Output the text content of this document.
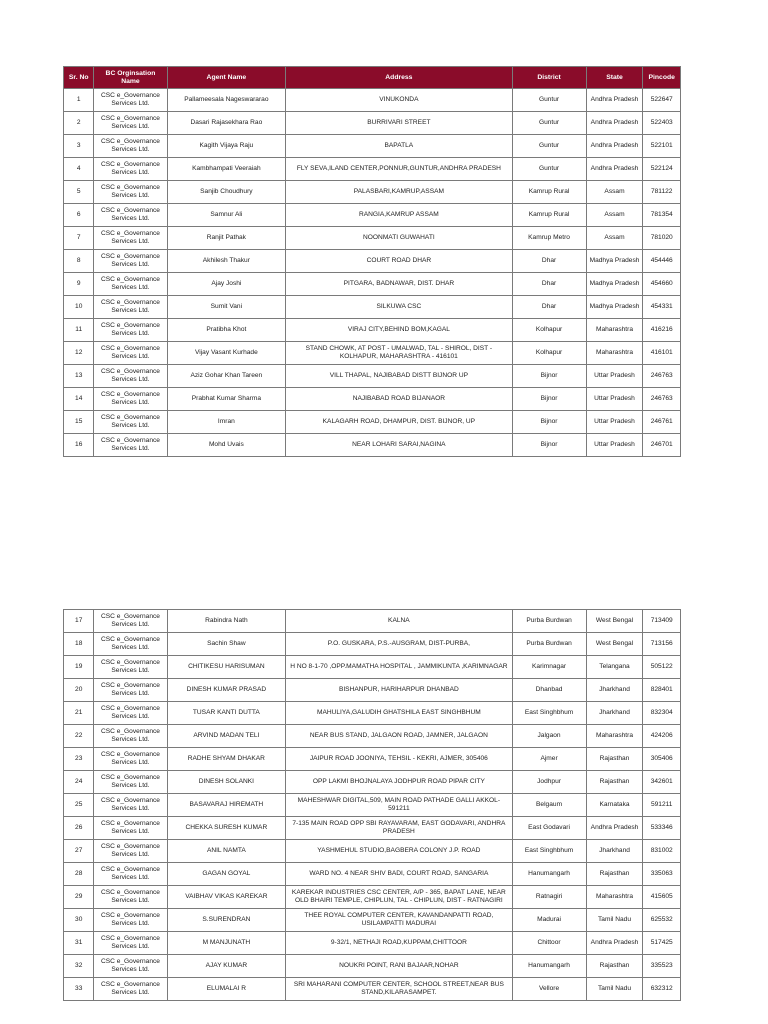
Sr. No	BC Orginsation Name	Agent Name	Address	District	State	Pincode
1	CSC e_Governance Services Ltd.	Pallameesala Nageswararao	VINUKONDA	Guntur	Andhra Pradesh	522647
2	CSC e_Governance Services Ltd.	Dasari Rajasekhara Rao	BURRIVARI STREET	Guntur	Andhra Pradesh	522403
3	CSC e_Governance Services Ltd.	Kagith Vijaya Raju	BAPATLA	Guntur	Andhra Pradesh	522101
4	CSC e_Governance Services Ltd.	Kambhampati Veeraiah	FLY SEVA,ILAND CENTER,PONNUR,GUNTUR,ANDHRA PRADESH	Guntur	Andhra Pradesh	522124
5	CSC e_Governance Services Ltd.	Sanjib Choudhury	PALASBARI,KAMRUP,ASSAM	Kamrup Rural	Assam	781122
6	CSC e_Governance Services Ltd.	Samnur Ali	RANGIA,KAMRUP ASSAM	Kamrup Rural	Assam	781354
7	CSC e_Governance Services Ltd.	Ranjit Pathak	NOONMATI GUWAHATI	Kamrup Metro	Assam	781020
8	CSC e_Governance Services Ltd.	Akhilesh Thakur	COURT ROAD DHAR	Dhar	Madhya Pradesh	454446
9	CSC e_Governance Services Ltd.	Ajay Joshi	PITGARA, BADNAWAR, DIST. DHAR	Dhar	Madhya Pradesh	454660
10	CSC e_Governance Services Ltd.	Sumit Vani	SILKUWA CSC	Dhar	Madhya Pradesh	454331
11	CSC e_Governance Services Ltd.	Pratibha Khot	VIRAJ CITY,BEHIND BOM,KAGAL	Kolhapur	Maharashtra	416216
12	CSC e_Governance Services Ltd.	Vijay Vasant Kurhade	STAND CHOWK, AT POST - UMALWAD, TAL - SHIROL, DIST - KOLHAPUR, MAHARASHTRA - 416101	Kolhapur	Maharashtra	416101
13	CSC e_Governance Services Ltd.	Aziz Gohar Khan Tareen	VILL THAPAL, NAJIBABAD DISTT BIJNOR UP	Bijnor	Uttar Pradesh	246763
14	CSC e_Governance Services Ltd.	Prabhat Kumar Sharma	NAJIBABAD ROAD BIJANAOR	Bijnor	Uttar Pradesh	246763
15	CSC e_Governance Services Ltd.	Imran	KALAGARH ROAD, DHAMPUR, DIST. BIJNOR, UP	Bijnor	Uttar Pradesh	246761
16	CSC e_Governance Services Ltd.	Mohd Uvais	NEAR LOHARI SARAI,NAGINA	Bijnor	Uttar Pradesh	246701
17	CSC e_Governance Services Ltd.	Rabindra Nath	KALNA	Purba Burdwan	West Bengal	713409
18	CSC e_Governance Services Ltd.	Sachin Shaw	P.O. GUSKARA, P.S.-AUSGRAM, DIST-PURBA,	Purba Burdwan	West Bengal	713156
19	CSC e_Governance Services Ltd.	CHITIKESU HARISUMAN	H NO 8-1-70 ,OPP.MAMATHA HOSPITAL , JAMMIKUNTA ,KARIMNAGAR	Karimnagar	Telangana	505122
20	CSC e_Governance Services Ltd.	DINESH KUMAR PRASAD	BISHANPUR, HARIHARPUR DHANBAD	Dhanbad	Jharkhand	828401
21	CSC e_Governance Services Ltd.	TUSAR KANTI DUTTA	MAHULIYA,GALUDIH GHATSHILA EAST SINGHBHUM	East Singhbhum	Jharkhand	832304
22	CSC e_Governance Services Ltd.	ARVIND MADAN TELI	NEAR BUS STAND, JALGAON ROAD, JAMNER, JALGAON	Jalgaon	Maharashtra	424206
23	CSC e_Governance Services Ltd.	RADHE SHYAM DHAKAR	JAIPUR ROAD JOONIYA, TEHSIL - KEKRI, AJMER, 305406	Ajmer	Rajasthan	305406
24	CSC e_Governance Services Ltd.	DINESH SOLANKI	OPP LAKMI BHOJNALAYA JODHPUR ROAD PIPAR CITY	Jodhpur	Rajasthan	342601
25	CSC e_Governance Services Ltd.	BASAVARAJ HIREMATH	MAHESHWAR DIGITAL,509, MAIN ROAD PATHADE GALLI AKKOL-591211	Belgaum	Karnataka	591211
26	CSC e_Governance Services Ltd.	CHEKKA SURESH KUMAR	7-135 MAIN ROAD OPP SBI RAYAVARAM, EAST GODAVARI, ANDHRA PRADESH	East Godavari	Andhra Pradesh	533346
27	CSC e_Governance Services Ltd.	ANIL NAMTA	YASHMEHUL STUDIO,BAGBERA COLONY J.P. ROAD	East Singhbhum	Jharkhand	831002
28	CSC e_Governance Services Ltd.	GAGAN GOYAL	WARD NO. 4 NEAR SHIV BADI, COURT ROAD, SANGARIA	Hanumangarh	Rajasthan	335063
29	CSC e_Governance Services Ltd.	VAIBHAV VIKAS KAREKAR	KAREKAR INDUSTRIES CSC CENTER, A/P - 365, BAPAT LANE, NEAR OLD BHAIRI TEMPLE, CHIPLUN, TAL - CHIPLUN, DIST - RATNAGIRI	Ratnagiri	Maharashtra	415605
30	CSC e_Governance Services Ltd.	S.SURENDRAN	THEE ROYAL COMPUTER CENTER, KAVANDANPATTI ROAD, USILAMPATTI MADURAI	Madurai	Tamil Nadu	625532
31	CSC e_Governance Services Ltd.	M MANJUNATH	9-32/1, NETHAJI ROAD,KUPPAM,CHITTOOR	Chittoor	Andhra Pradesh	517425
32	CSC e_Governance Services Ltd.	AJAY KUMAR	NOUKRI POINT, RANI BAJAAR,NOHAR	Hanumangarh	Rajasthan	335523
33	CSC e_Governance Services Ltd.	ELUMALAI R	SRI MAHARANI COMPUTER CENTER, SCHOOL STREET,NEAR BUS STAND,KILARASAMPET.	Vellore	Tamil Nadu	632312
